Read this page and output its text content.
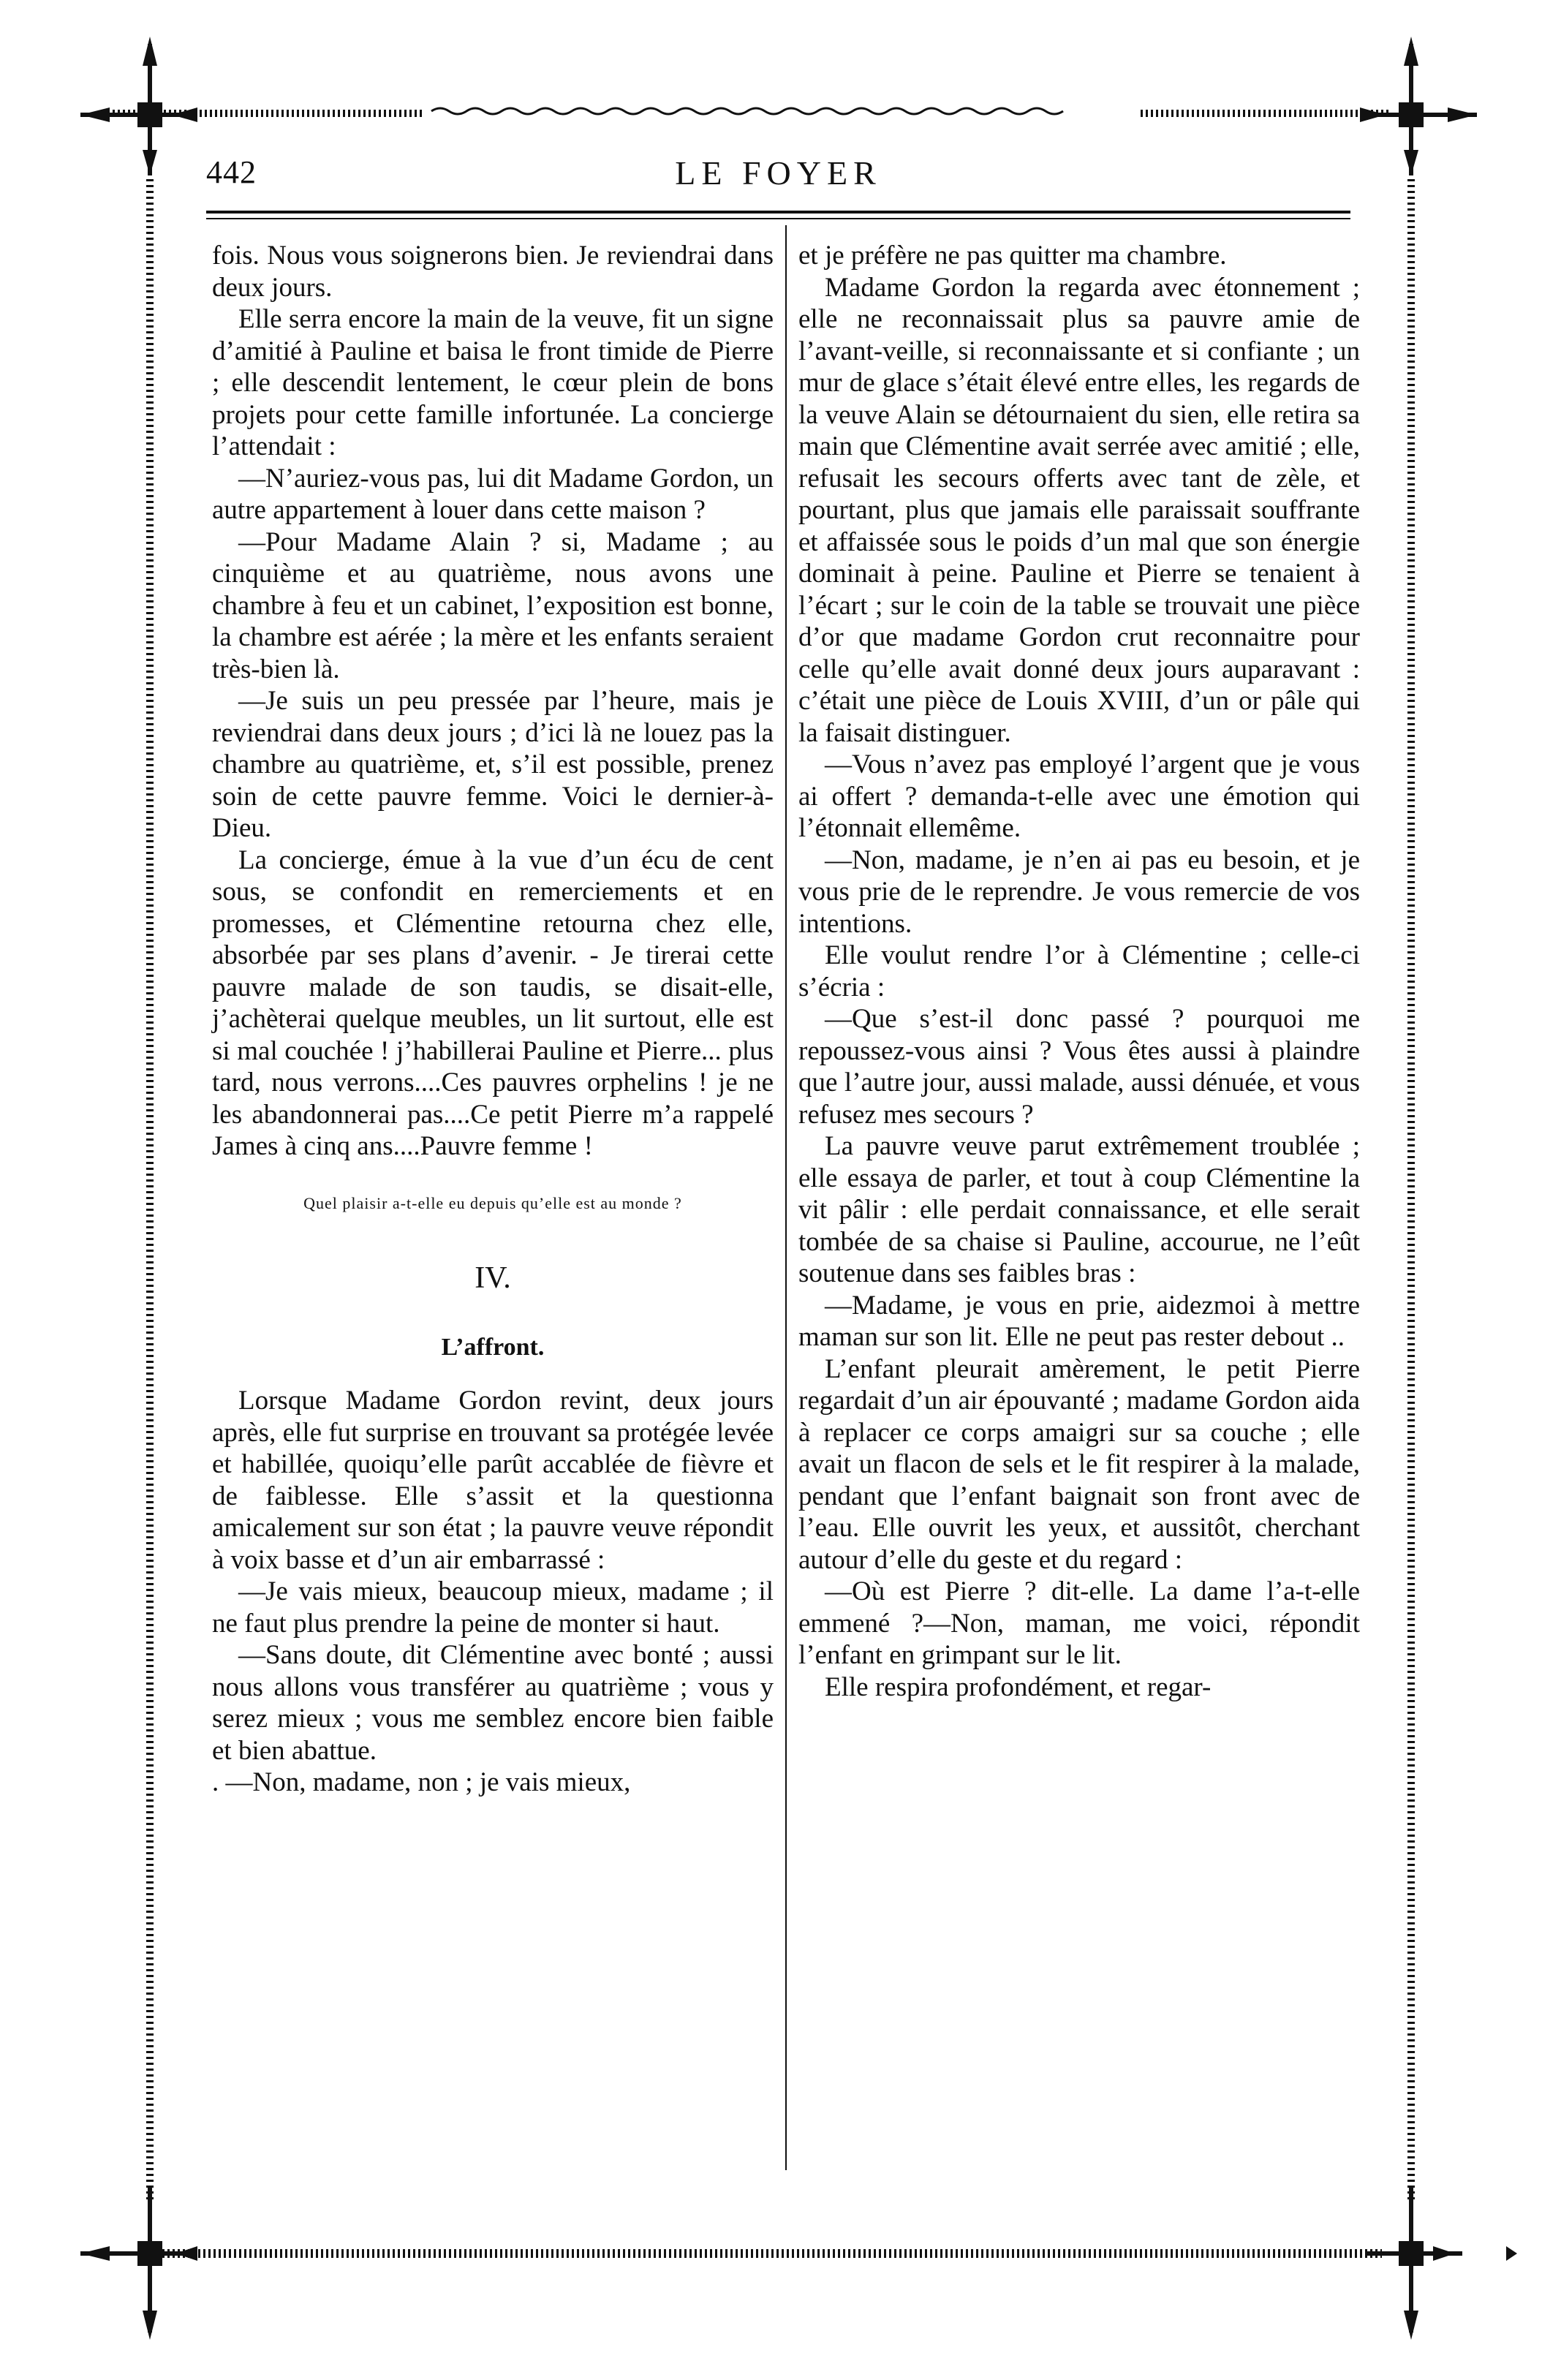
442	LE FOYER

fois. Nous vous soignerons bien. Je reviendrai dans deux jours.

Elle serra encore la main de la veuve, fit un signe d’amitié à Pauline et baisa le front timide de Pierre ; elle descendit lentement, le cœur plein de bons projets pour cette famille infortunée. La concierge l’attendait :

—N’auriez-vous pas, lui dit Madame Gordon, un autre appartement à louer dans cette maison ?

—Pour Madame Alain ? si, Madame ; au cinquième et au quatrième, nous avons une chambre à feu et un cabinet, l’exposition est bonne, la chambre est aérée ; la mère et les enfants seraient très-bien là.

—Je suis un peu pressée par l’heure, mais je reviendrai dans deux jours ; d’ici là ne louez pas la chambre au quatrième, et, s’il est possible, prenez soin de cette pauvre femme. Voici le dernier-à-Dieu.

La concierge, émue à la vue d’un écu de cent sous, se confondit en remerciements et en promesses, et Clémentine retourna chez elle, absorbée par ses plans d’avenir. - Je tirerai cette pauvre malade de son taudis, se disait-elle, j’achèterai quelque meubles, un lit surtout, elle est si mal couchée ! j’habillerai Pauline et Pierre... plus tard, nous verrons....Ces pauvres orphelins ! je ne les abandonnerai pas....Ce petit Pierre m’a rappelé James à cinq ans....Pauvre femme !

Quel plaisir a-t-elle eu depuis qu’elle est au monde ?

IV.

L’affront.

Lorsque Madame Gordon revint, deux jours après, elle fut surprise en trouvant sa protégée levée et habillée, quoiqu’elle parût accablée de fièvre et de faiblesse. Elle s’assit et la questionna amicalement sur son état ; la pauvre veuve répondit à voix basse et d’un air embarrassé :

—Je vais mieux, beaucoup mieux, madame ; il ne faut plus prendre la peine de monter si haut.

—Sans doute, dit Clémentine avec bonté ; aussi nous allons vous transférer au quatrième ; vous y serez mieux ; vous me semblez encore bien faible et bien abattue.

. —Non, madame, non ; je vais mieux,

et je préfère ne pas quitter ma chambre.

Madame Gordon la regarda avec étonnement ; elle ne reconnaissait plus sa pauvre amie de l’avant-veille, si reconnaissante et si confiante ; un mur de glace s’était élevé entre elles, les regards de la veuve Alain se détournaient du sien, elle retira sa main que Clémentine avait serrée avec amitié ; elle, refusait les secours offerts avec tant de zèle, et pourtant, plus que jamais elle paraissait souffrante et affaissée sous le poids d’un mal que son énergie dominait à peine. Pauline et Pierre se tenaient à l’écart ; sur le coin de la table se trouvait une pièce d’or que madame Gordon crut reconnaitre pour celle qu’elle avait donné deux jours auparavant : c’était une pièce de Louis XVIII, d’un or pâle qui la faisait distinguer.

—Vous n’avez pas employé l’argent que je vous ai offert ? demanda-t-elle avec une émotion qui l’étonnait ellemême.

—Non, madame, je n’en ai pas eu besoin, et je vous prie de le reprendre. Je vous remercie de vos intentions.

Elle voulut rendre l’or à Clémentine ; celle-ci s’écria :

—Que s’est-il donc passé ? pourquoi me repoussez-vous ainsi ? Vous êtes aussi à plaindre que l’autre jour, aussi malade, aussi dénuée, et vous refusez mes secours ?

La pauvre veuve parut extrêmement troublée ; elle essaya de parler, et tout à coup Clémentine la vit pâlir : elle perdait connaissance, et elle serait tombée de sa chaise si Pauline, accourue, ne l’eût soutenue dans ses faibles bras :

—Madame, je vous en prie, aidezmoi à mettre maman sur son lit. Elle ne peut pas rester debout ..

L’enfant pleurait amèrement, le petit Pierre regardait d’un air épouvanté ; madame Gordon aida à replacer ce corps amaigri sur sa couche ; elle avait un flacon de sels et le fit respirer à la malade, pendant que l’enfant baignait son front avec de l’eau. Elle ouvrit les yeux, et aussitôt, cherchant autour d’elle du geste et du regard :

—Où est Pierre ? dit-elle. La dame l’a-t-elle emmené ?—Non, maman, me voici, répondit l’enfant en grimpant sur le lit.

Elle respira profondément, et regar-
